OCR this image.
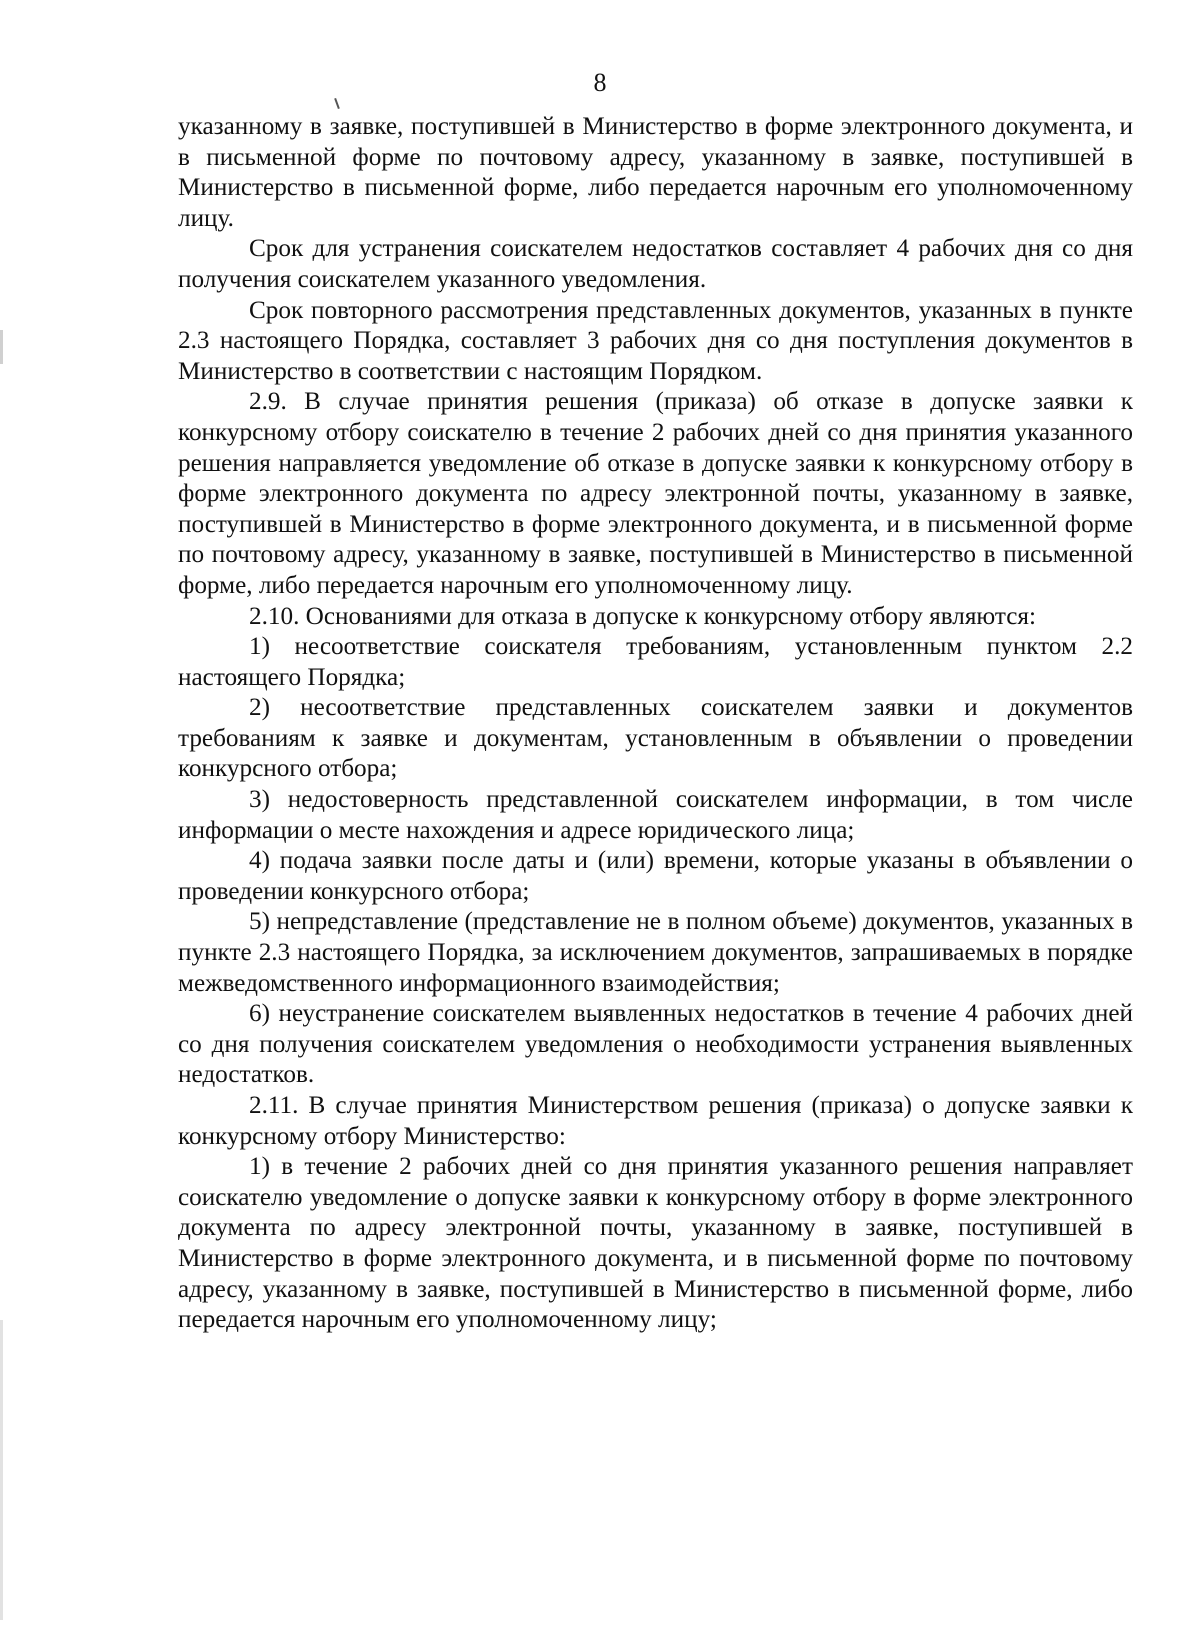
8

указанному в заявке, поступившей в Министерство в форме электронного документа, и в письменной форме по почтовому адресу, указанному в заявке, поступившей в Министерство в письменной форме, либо передается нарочным его уполномоченному лицу.

Срок для устранения соискателем недостатков составляет 4 рабочих дня со дня получения соискателем указанного уведомления.

Срок повторного рассмотрения представленных документов, указанных в пункте 2.3 настоящего Порядка, составляет 3 рабочих дня со дня поступления документов в Министерство в соответствии с настоящим Порядком.

2.9. В случае принятия решения (приказа) об отказе в допуске заявки к конкурсному отбору соискателю в течение 2 рабочих дней со дня принятия указанного решения направляется уведомление об отказе в допуске заявки к конкурсному отбору в форме электронного документа по адресу электронной почты, указанному в заявке, поступившей в Министерство в форме электронного документа, и в письменной форме по почтовому адресу, указанному в заявке, поступившей в Министерство в письменной форме, либо передается нарочным его уполномоченному лицу.

2.10. Основаниями для отказа в допуске к конкурсному отбору являются:

1) несоответствие соискателя требованиям, установленным пунктом 2.2 настоящего Порядка;

2) несоответствие представленных соискателем заявки и документов требованиям к заявке и документам, установленным в объявлении о проведении конкурсного отбора;

3) недостоверность представленной соискателем информации, в том числе информации о месте нахождения и адресе юридического лица;

4) подача заявки после даты и (или) времени, которые указаны в объявлении о проведении конкурсного отбора;

5) непредставление (представление не в полном объеме) документов, указанных в пункте 2.3 настоящего Порядка, за исключением документов, запрашиваемых в порядке межведомственного информационного взаимодействия;

6) неустранение соискателем выявленных недостатков в течение 4 рабочих дней со дня получения соискателем уведомления о необходимости устранения выявленных недостатков.

2.11. В случае принятия Министерством решения (приказа) о допуске заявки к конкурсному отбору Министерство:

1) в течение 2 рабочих дней со дня принятия указанного решения направляет соискателю уведомление о допуске заявки к конкурсному отбору в форме электронного документа по адресу электронной почты, указанному в заявке, поступившей в Министерство в форме электронного документа, и в письменной форме по почтовому адресу, указанному в заявке, поступившей в Министерство в письменной форме, либо передается нарочным его уполномоченному лицу;
